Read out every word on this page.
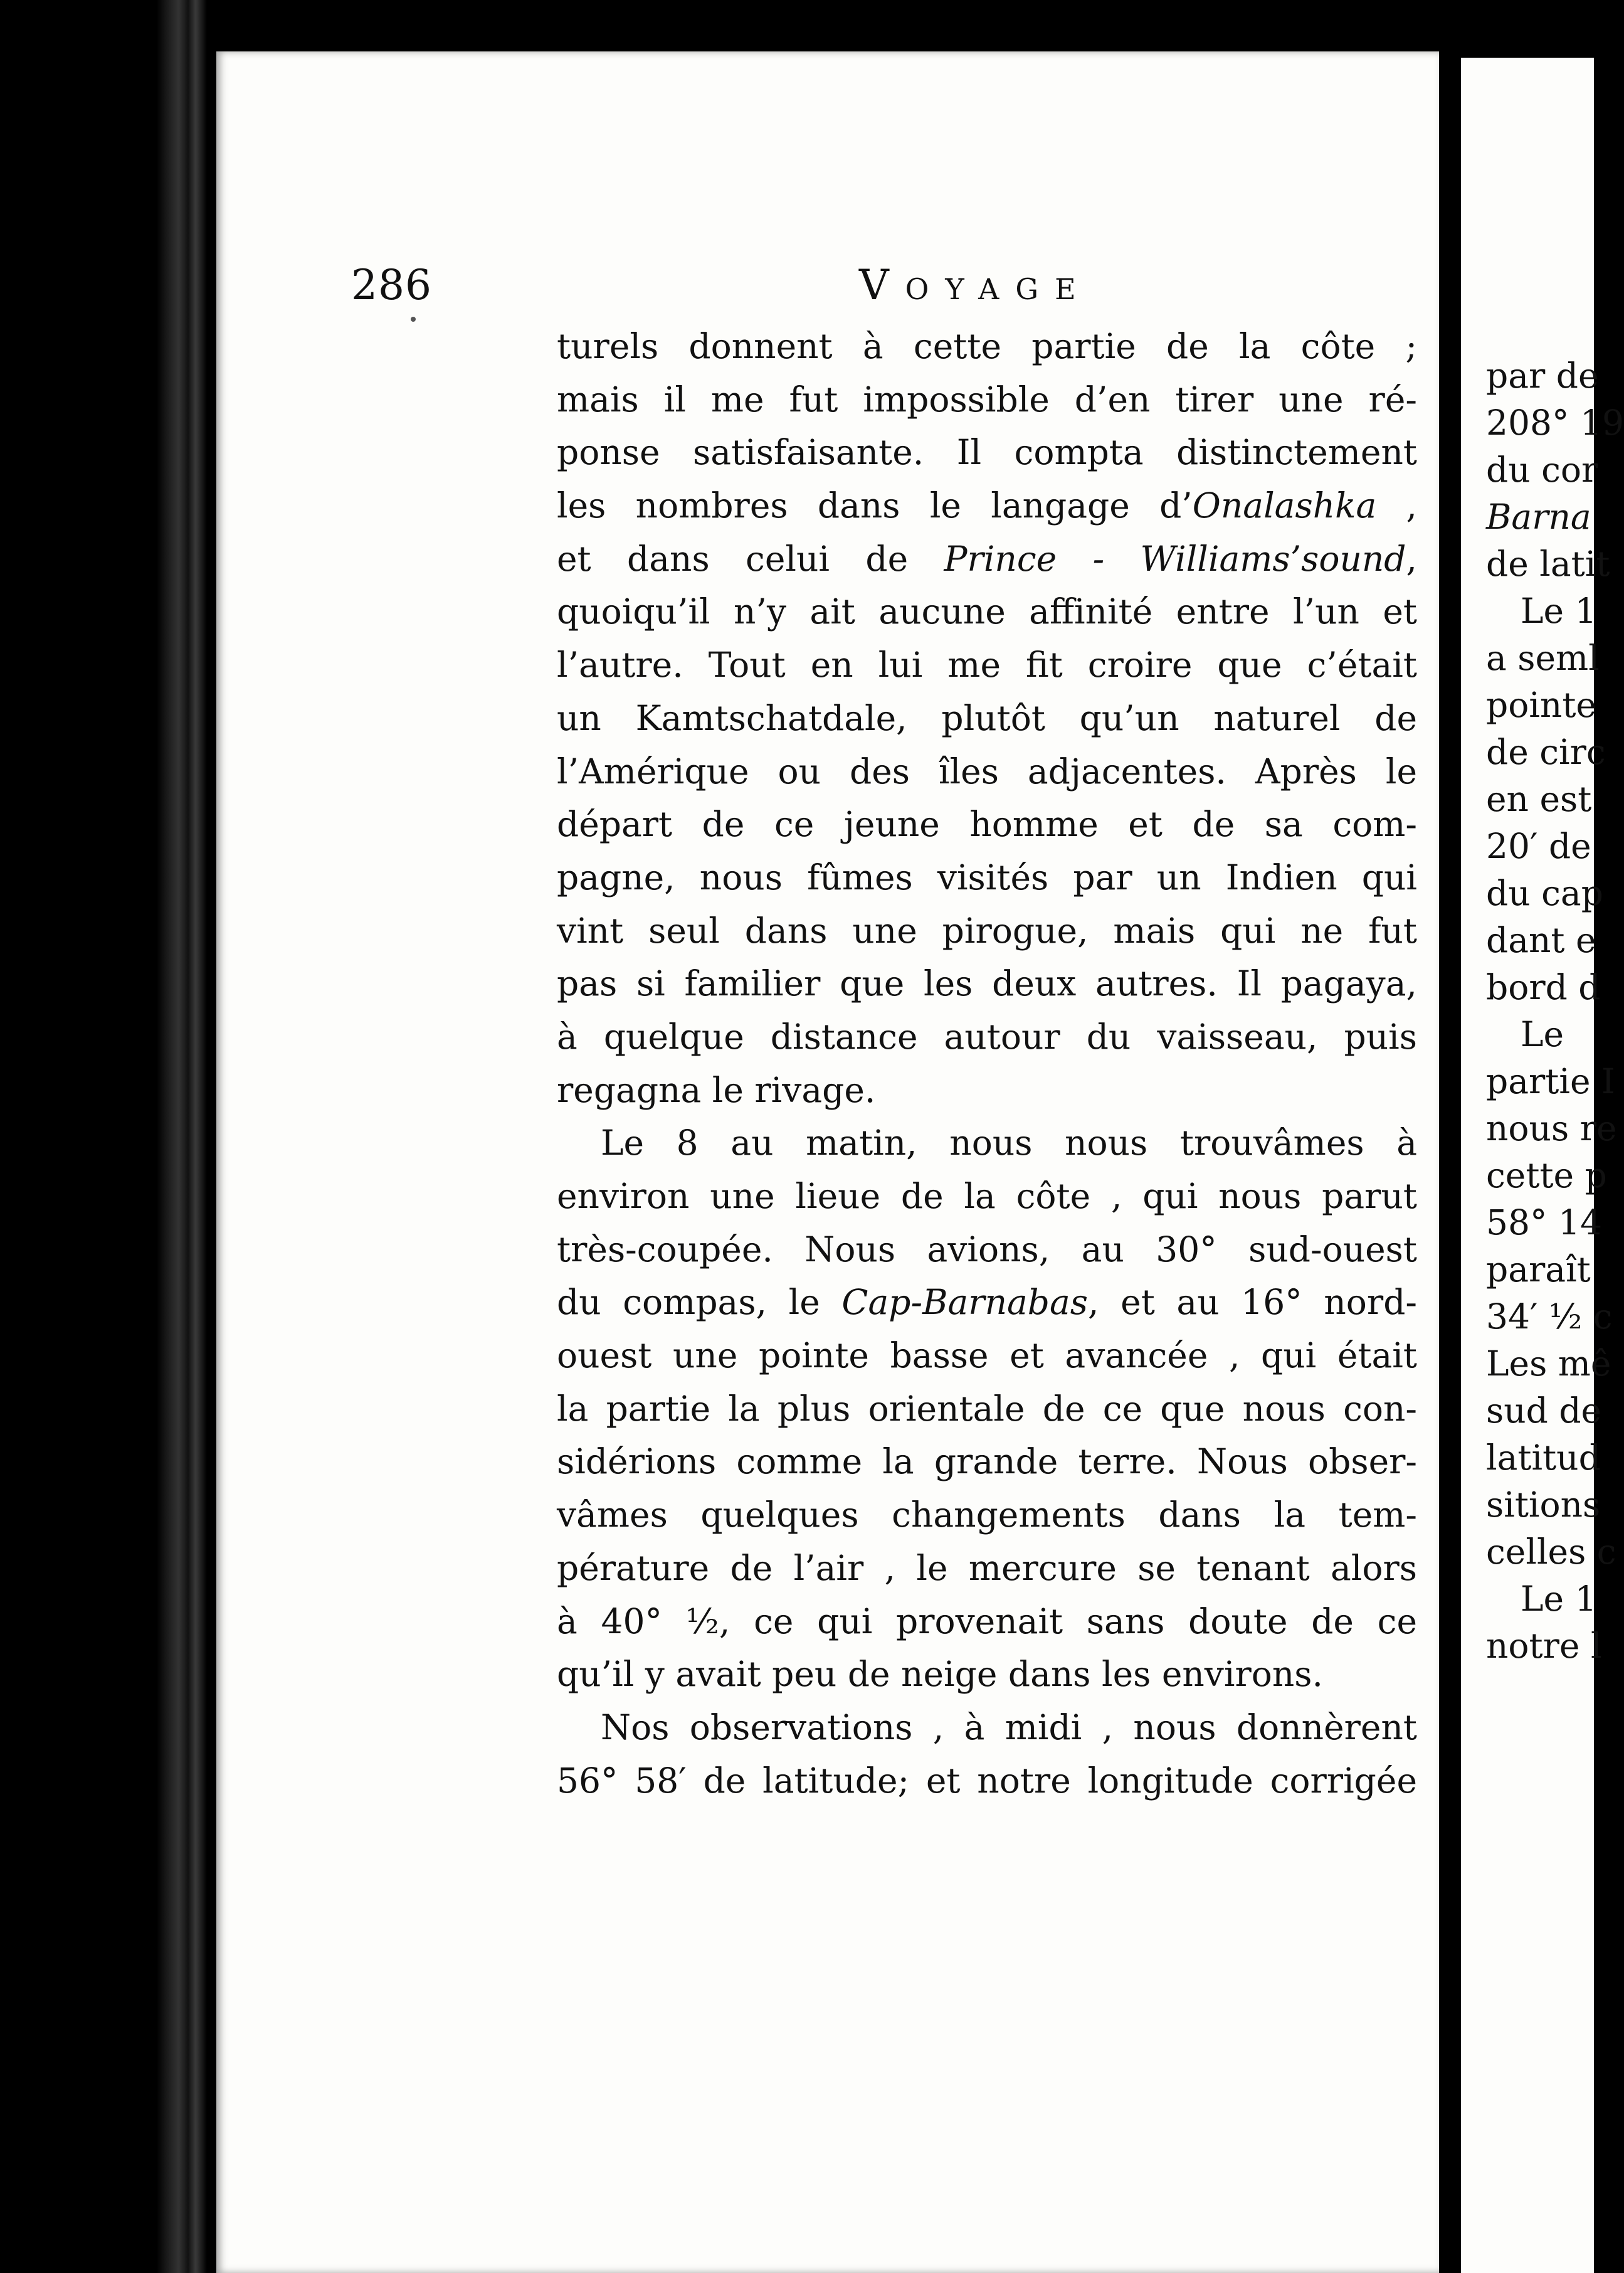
par de
208° 19
du cor
Barna
de latit
Le 1
a seml
pointe
de circ
en est
20′ de
du cap
dant e
bord d
Le
partie I
nous re
cette p
58° 14
paraît
34′ ½ c
Les mê
sud de
latitud
sitions
celles c
Le 1
notre l
286	Voyage
turels donnent à cette partie de la côte ;
mais il me fut impossible d’en tirer une ré-
ponse satisfaisante. Il compta distinctement
les nombres dans le langage d’Onalashka ,
et dans celui de Prince - Williams’sound,
quoiqu’il n’y ait aucune affinité entre l’un et
l’autre. Tout en lui me fit croire que c’était
un Kamtschatdale, plutôt qu’un naturel de
l’Amérique ou des îles adjacentes. Après le
départ de ce jeune homme et de sa com-
pagne, nous fûmes visités par un Indien qui
vint seul dans une pirogue, mais qui ne fut
pas si familier que les deux autres. Il pagaya,
à quelque distance autour du vaisseau, puis
regagna le rivage.
Le 8 au matin, nous nous trouvâmes à
environ une lieue de la côte , qui nous parut
très-coupée. Nous avions, au 30° sud-ouest
du compas, le Cap-Barnabas, et au 16° nord-
ouest une pointe basse et avancée , qui était
la partie la plus orientale de ce que nous con-
sidérions comme la grande terre. Nous obser-
vâmes quelques changements dans la tem-
pérature de l’air , le mercure se tenant alors
à 40° ½, ce qui provenait sans doute de ce
qu’il y avait peu de neige dans les environs.
Nos observations , à midi , nous donnèrent
56° 58′ de latitude; et notre longitude corrigée
